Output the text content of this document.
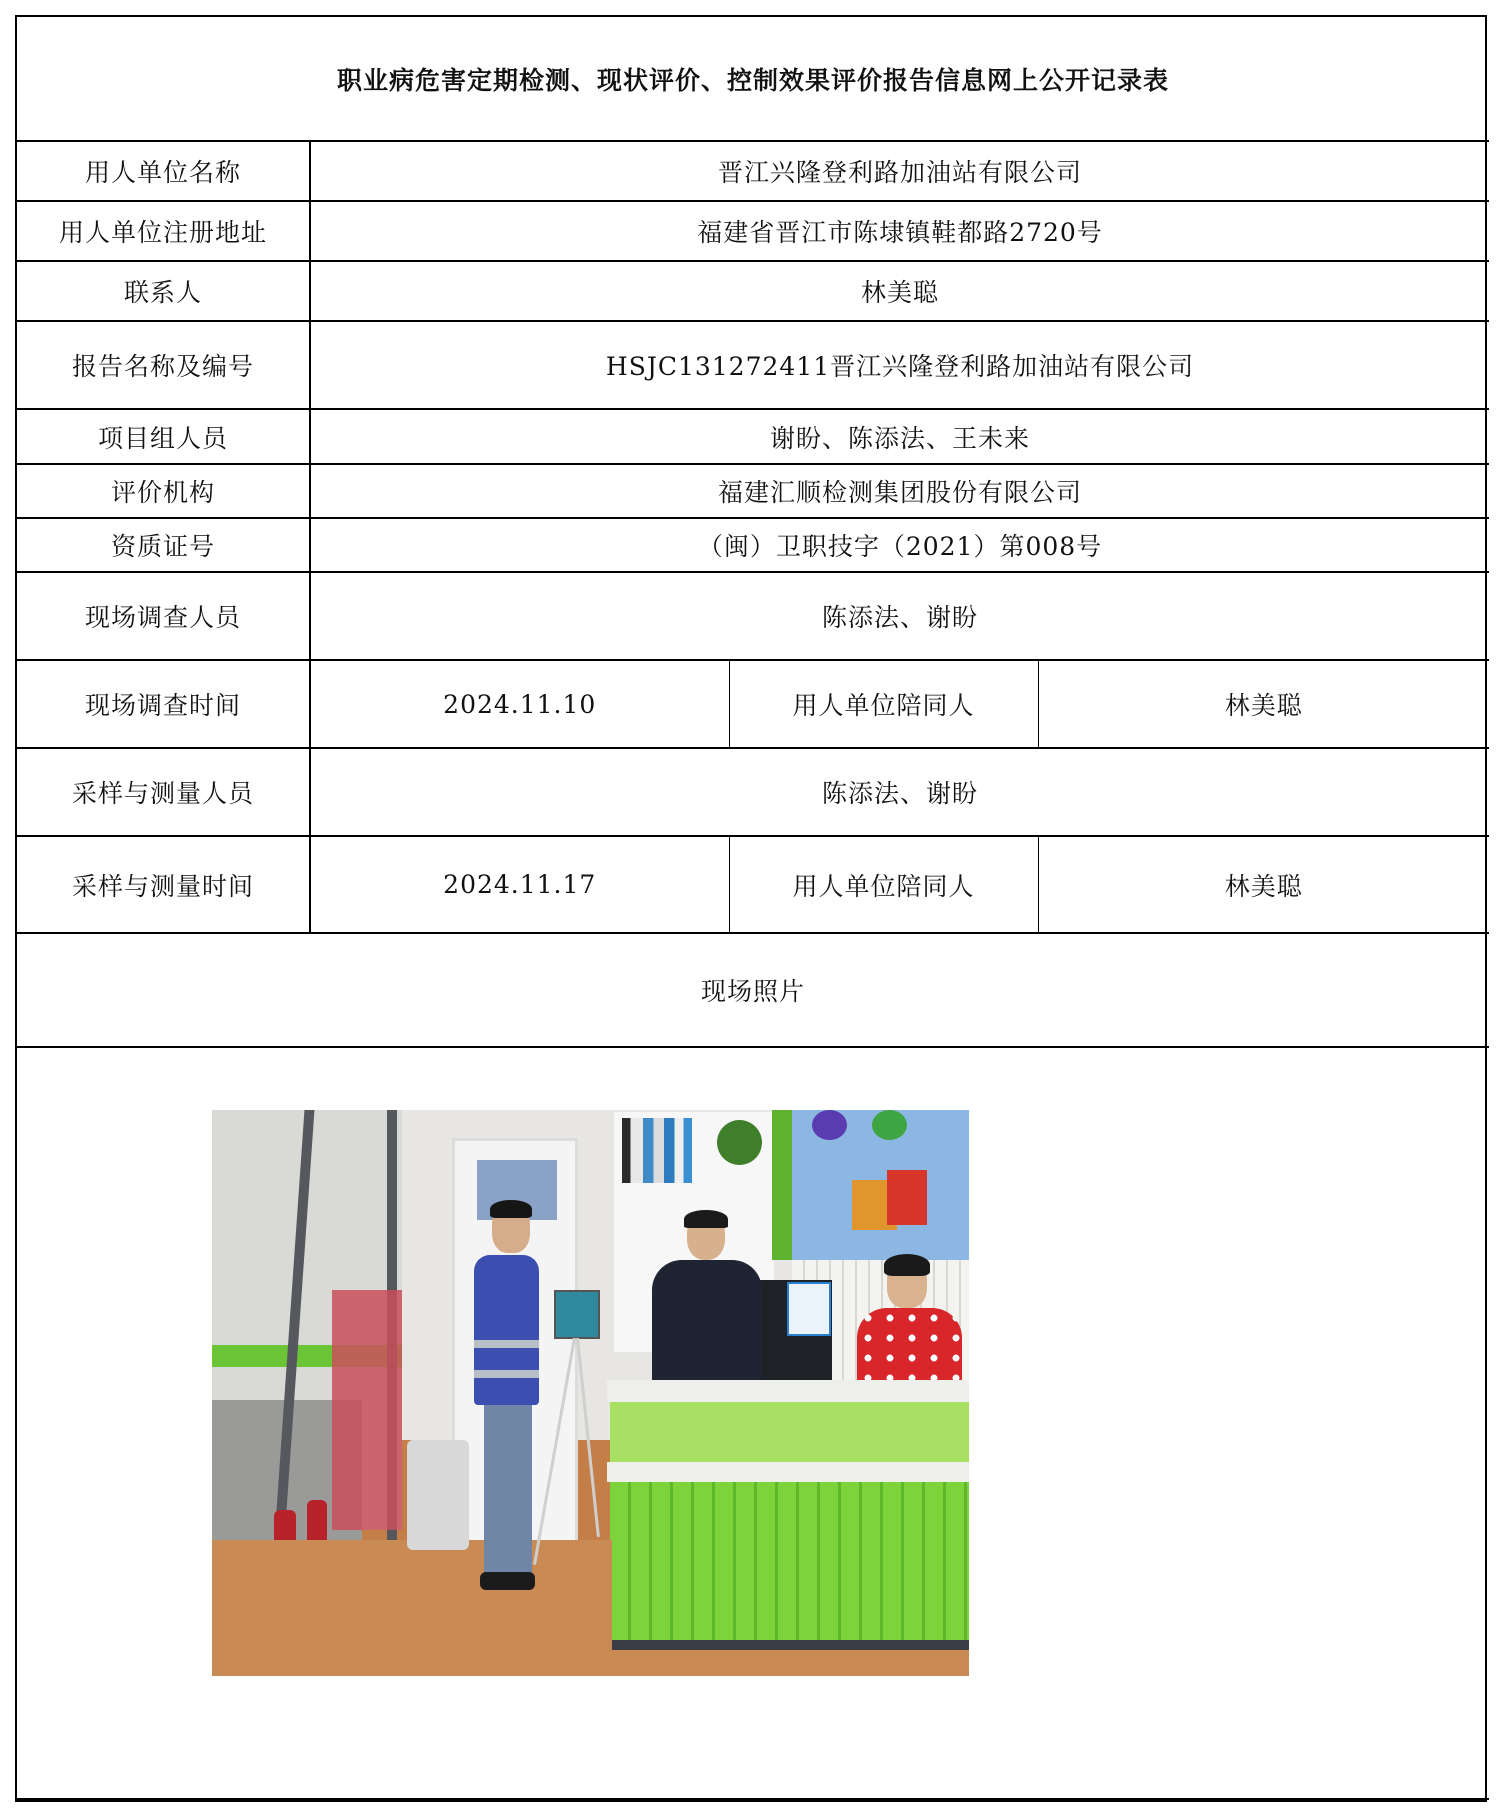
职业病危害定期检测、现状评价、控制效果评价报告信息网上公开记录表			
用人单位名称	晋江兴隆登利路加油站有限公司		
用人单位注册地址	福建省晋江市陈埭镇鞋都路2720号		
联系人	林美聪		
报告名称及编号	HSJC131272411晋江兴隆登利路加油站有限公司		
项目组人员	谢盼、陈添法、王未来		
评价机构	福建汇顺检测集团股份有限公司		
资质证号	（闽）卫职技字（2021）第008号		
现场调查人员	陈添法、谢盼		
现场调查时间	2024.11.10	用人单位陪同人	林美聪
采样与测量人员	陈添法、谢盼		
采样与测量时间	2024.11.17	用人单位陪同人	林美聪
现场照片			
